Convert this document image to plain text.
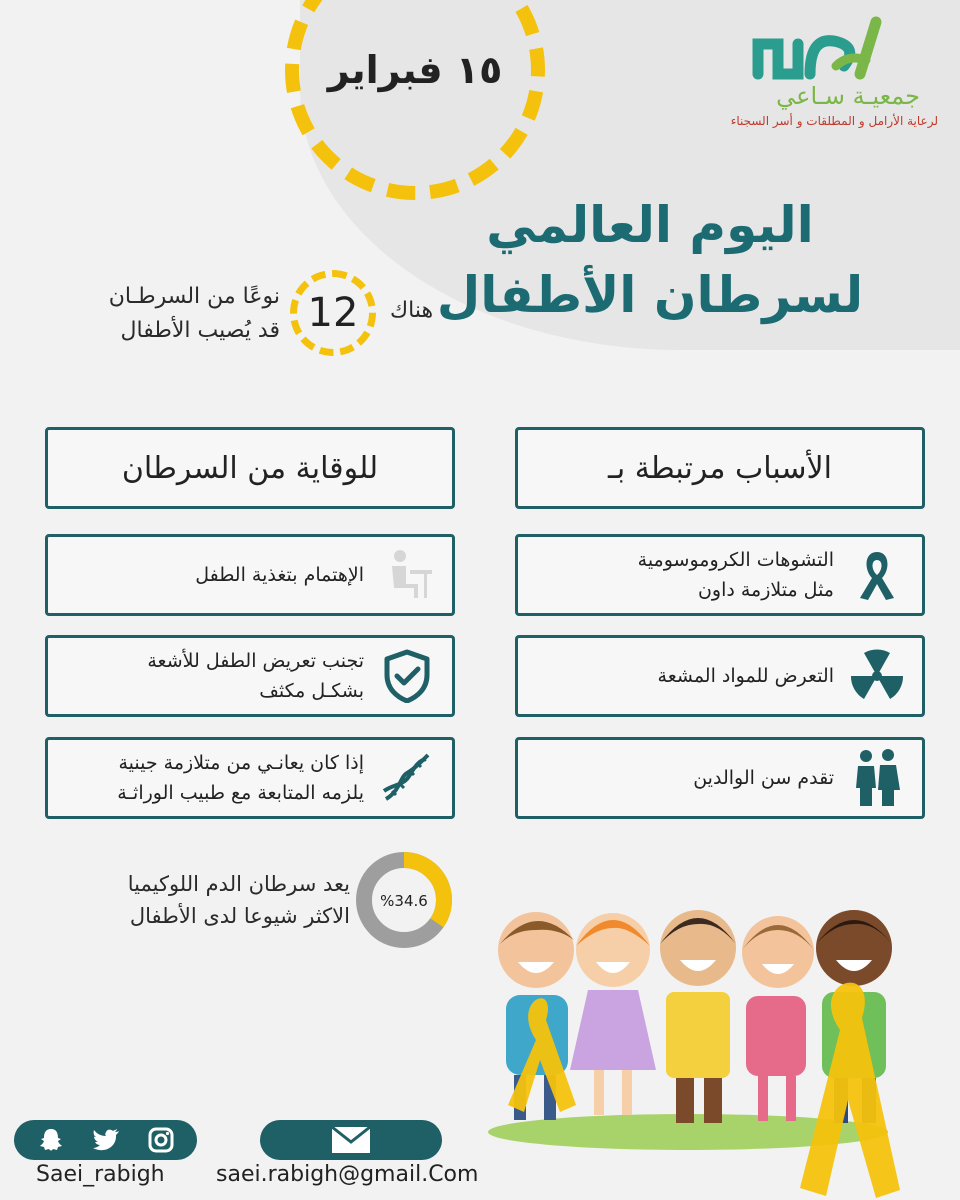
١٥ فبراير
جمعيـة سـاعي
لرعاية الأرامل و المطلقات و أسر السجناء
اليوم العالمي
لسرطان الأطفال
نوعًا من السرطـان
قد يُصيب الأطفال 12	هناك
الأسباب مرتبطة بـ
التشوهات الكروموسومية
مثل متلازمة داون
التعرض للمواد المشعة
تقدم سن الوالدين
للوقاية من السرطان
الإهتمام بتغذية الطفل
تجنب تعريض الطفل للأشعة
بشكـل مكثف
إذا كان يعانـي من متلازمة جينية
يلزمه المتابعة مع طبيب الوراثـة
يعد سرطان الدم اللوكيميا
الاكثر شيوعا لدى الأطفال
%34.6
Saei_rabigh saei.rabigh@gmail.Com
